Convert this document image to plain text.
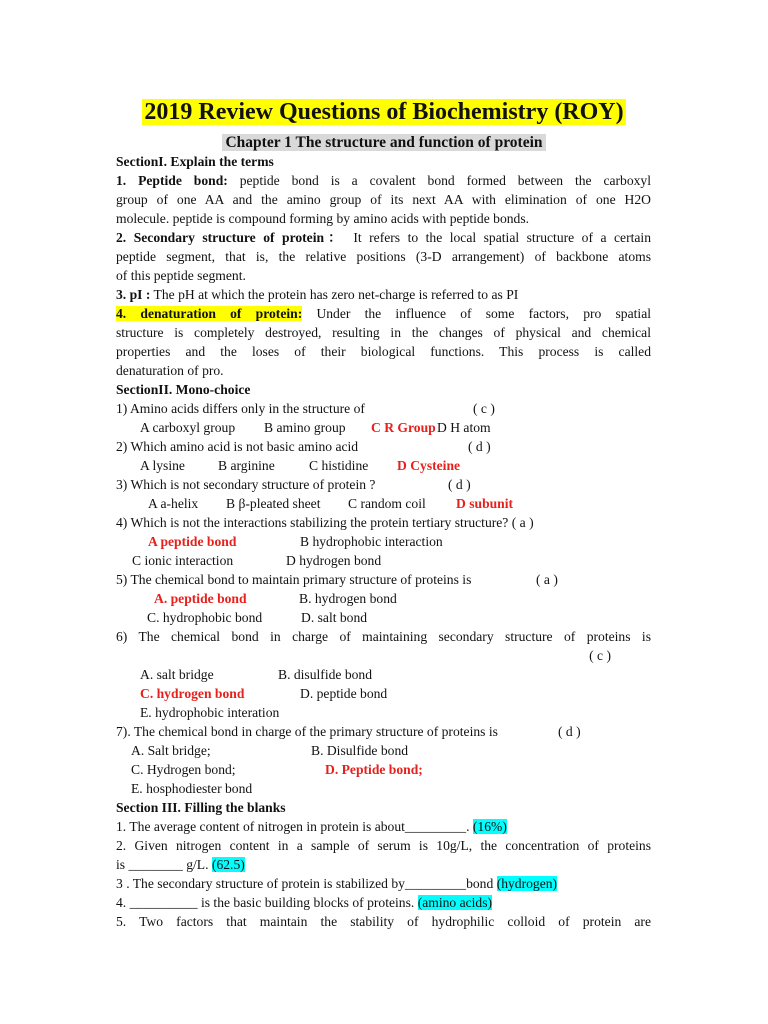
2019 Review Questions of Biochemistry (ROY)
Chapter 1 The structure and function of protein
SectionI. Explain the terms
1. Peptide bond: peptide bond is a covalent bond formed between the carboxyl
group of one AA and the amino group of its next AA with elimination of one H2O
molecule. peptide is compound forming by amino acids with peptide bonds.
2. Secondary structure of protein： It refers to the local spatial structure of a certain
peptide segment, that is, the relative positions (3-D arrangement) of backbone atoms
of this peptide segment.
3. pI : The pH at which the protein has zero net-charge is referred to as PI
4. denaturation of protein: Under the influence of some factors, pro spatial
structure is completely destroyed, resulting in the changes of physical and chemical
properties and the loses of their biological functions. This process is called
denaturation of pro.
SectionII. Mono-choice
1) Amino acids differs only in the structure of	( c )
A carboxyl group B amino group C R GroupD H atom
2) Which amino acid is not basic amino acid	( d )
A lysine B arginine	C histidine D Cysteine
3) Which is not secondary structure of protein ?	( d )
A a-helix B β-pleated sheet C random coil D subunit
4) Which is not the interactions stabilizing the protein tertiary structure? ( a )
A peptide bond	B hydrophobic interaction
C ionic interaction	D hydrogen bond
5) The chemical bond to maintain primary structure of proteins is	( a )
A. peptide bond	B. hydrogen bond
C. hydrophobic bond	D. salt bond
6) The chemical bond in charge of maintaining secondary structure of proteins is
( c )
A. salt bridge	B. disulfide bond
C. hydrogen bond	D. peptide bond
E. hydrophobic interation
7). The chemical bond in charge of the primary structure of proteins is	( d )
A. Salt bridge;	B. Disulfide bond
C. Hydrogen bond;	D. Peptide bond;
E. hosphodiester bond
Section III. Filling the blanks
1. The average content of nitrogen in protein is about_________. (16%)
2. Given nitrogen content in a sample of serum is 10g/L, the concentration of proteins
is ________ g/L. (62.5)
3 . The secondary structure of protein is stabilized by_________bond (hydrogen)
4. __________ is the basic building blocks of proteins. (amino acids)
5. Two factors that maintain the stability of hydrophilic colloid of protein are
